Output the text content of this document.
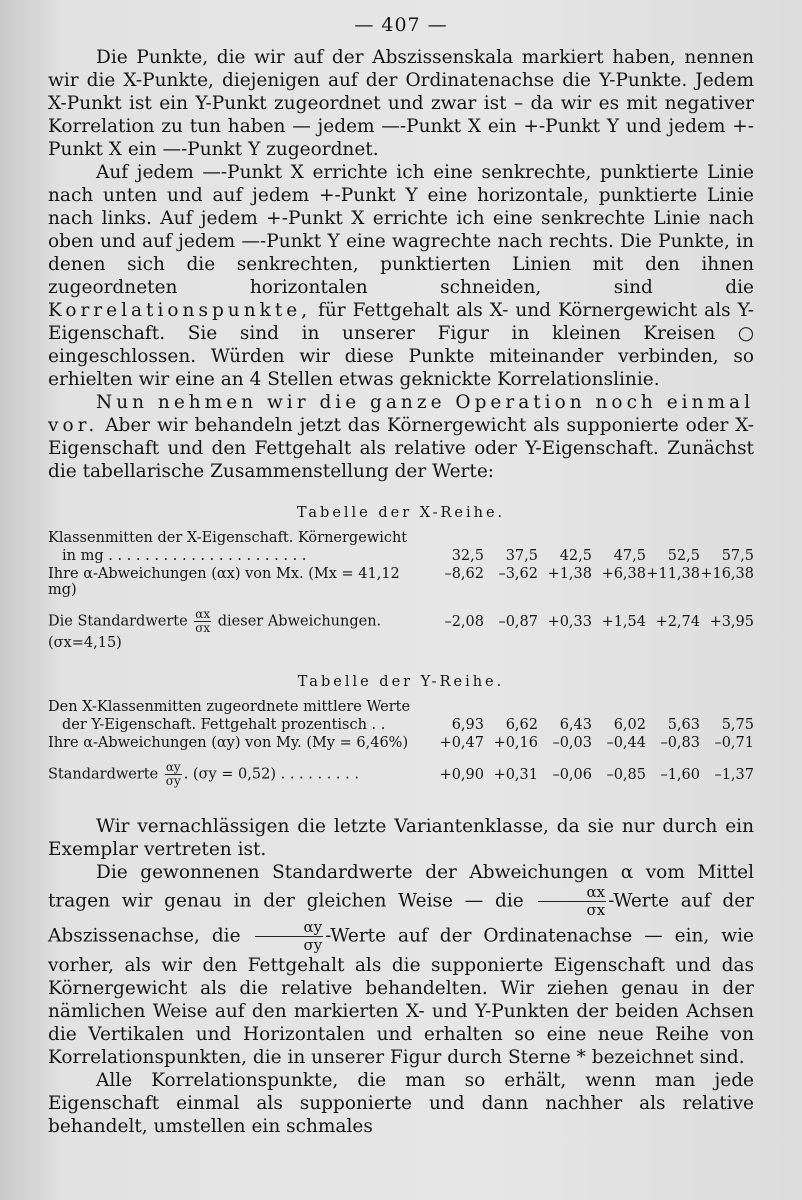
— 407 —

Die Punkte, die wir auf der Abszissenskala markiert haben, nennen wir die X-Punkte, diejenigen auf der Ordinatenachse die Y-Punkte. Jedem X-Punkt ist ein Y-Punkt zugeordnet und zwar ist – da wir es mit negativer Korrelation zu tun haben — jedem —-Punkt X ein +-Punkt Y und jedem +-Punkt X ein —-Punkt Y zugeordnet.

Auf jedem —-Punkt X errichte ich eine senkrechte, punktierte Linie nach unten und auf jedem +-Punkt Y eine horizontale, punktierte Linie nach links. Auf jedem +-Punkt X errichte ich eine senkrechte Linie nach oben und auf jedem —-Punkt Y eine wagrechte nach rechts. Die Punkte, in denen sich die senkrechten, punktierten Linien mit den ihnen zugeordneten horizontalen schneiden, sind die Korrelationspunkte, für Fettgehalt als X- und Körnergewicht als Y-Eigenschaft. Sie sind in unserer Figur in kleinen Kreisen ○ eingeschlossen. Würden wir diese Punkte miteinander verbinden, so erhielten wir eine an 4 Stellen etwas geknickte Korrelationslinie.

Nun nehmen wir die ganze Operation noch einmal vor. Aber wir behandeln jetzt das Körnergewicht als supponierte oder X-Eigenschaft und den Fettgehalt als relative oder Y-Eigenschaft. Zunächst die tabellarische Zusammenstellung der Werte:

Tabelle der X-Reihe.
Klassenmitten der X-Eigenschaft. Körnergewicht						
in mg . . . . . . . . . . . . . . . . . . . . . .	32,5	37,5	42,5	47,5	52,5	57,5
Ihre α-Abweichungen (αx) von Mx. (Mx = 41,12 mg)	–8,62	–3,62	+1,38	+6,38	+11,38	+16,38

Die Standardwerte $\frac{\alpha x}{\sigma x}$ dieser Abweichungen. (σx=4,15)	–2,08	–0,87	+0,33	+1,54	+2,74	+3,95
Tabelle der Y-Reihe.
Den X-Klassenmitten zugeordnete mittlere Werte						
der Y-Eigenschaft. Fettgehalt prozentisch . .	6,93	6,62	6,43	6,02	5,63	5,75
Ihre α-Abweichungen (αy) von My. (My = 6,46%)	+0,47	+0,16	–0,03	–0,44	–0,83	–0,71

Standardwerte $\frac{\alpha y}{\sigma y}$ . (σy = 0,52) . . . . . . . . .	+0,90	+0,31	–0,06	–0,85	–1,60	–1,37

Wir vernachlässigen die letzte Variantenklasse, da sie nur durch ein Exemplar vertreten ist.

Die gewonnenen Standardwerte der Abweichungen α vom Mittel tragen wir genau in der gleichen Weise — die $\frac{\alpha x}{\sigma x}$ -Werte auf der Abszissenachse, die $\frac{\alpha y}{\sigma y}$ -Werte auf der Ordinatenachse — ein, wie vorher, als wir den Fettgehalt als die supponierte Eigenschaft und das Körnergewicht als die relative behandelten. Wir ziehen genau in der nämlichen Weise auf den markierten X- und Y-Punkten der beiden Achsen die Vertikalen und Horizontalen und erhalten so eine neue Reihe von Korrelationspunkten, die in unserer Figur durch Sterne * bezeichnet sind.

Alle Korrelationspunkte, die man so erhält, wenn man jede Eigenschaft einmal als supponierte und dann nachher als relative behandelt, umstellen ein schmales
